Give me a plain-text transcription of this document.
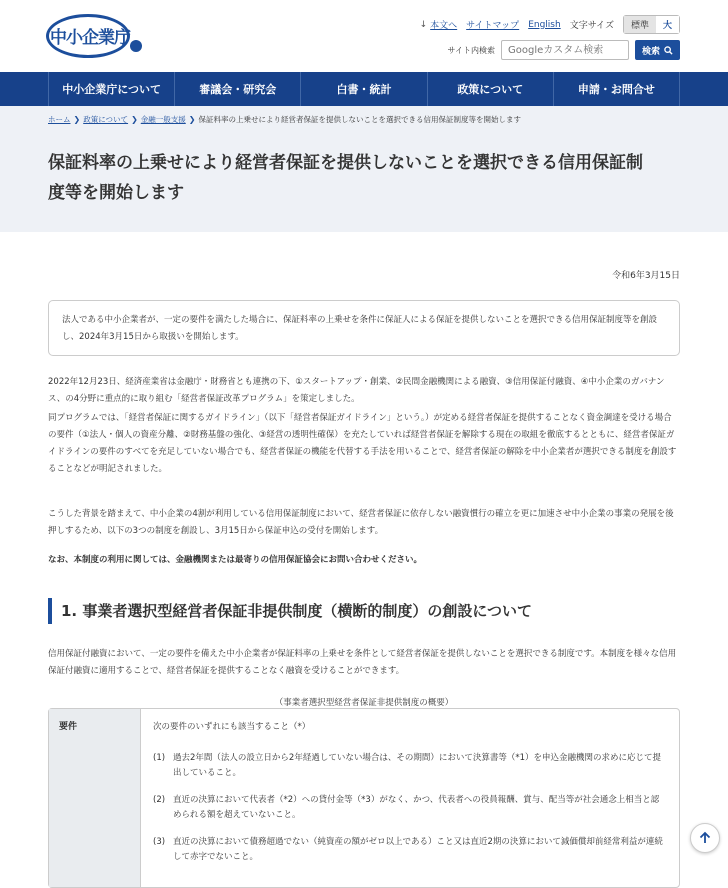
中小企業庁
↓ 本文へ サイトマップ English 文字サイズ	標準	大
サイト内検索
Googleカスタム検索	検索
中小企業庁について	審議会・研究会	白書・統計	政策について	申請・お問合せ
ホーム ❯ 政策について ❯ 金融一般支援 ❯ 保証料率の上乗せにより経営者保証を提供しないことを選択できる信用保証制度等を開始します
保証料率の上乗せにより経営者保証を提供しないことを選択できる信用保証制
度等を開始します
令和6年3月15日
法人である中小企業者が、一定の要件を満たした場合に、保証料率の上乗せを条件に保証人による保証を提供しないことを選択できる信用保証制度等を創設し、2024年3月15日から取扱いを開始します。

2022年12月23日、経済産業省は金融庁・財務省とも連携の下、①スタートアップ・創業、②民間金融機関による融資、③信用保証付融資、④中小企業のガバナンス、の4分野に重点的に取り組む「経営者保証改革プログラム」を策定しました。

同プログラムでは、「経営者保証に関するガイドライン」（以下「経営者保証ガイドライン」という。）が定める経営者保証を提供することなく資金調達を受ける場合の要件（①法人・個人の資産分離、②財務基盤の強化、③経営の透明性確保）を充たしていれば経営者保証を解除する現在の取組を徹底するとともに、経営者保証ガイドラインの要件のすべてを充足していない場合でも、経営者保証の機能を代替する手法を用いることで、経営者保証の解除を中小企業者が選択できる制度を創設することなどが明記されました。

こうした背景を踏まえて、中小企業の4割が利用している信用保証制度において、経営者保証に依存しない融資慣行の確立を更に加速させ中小企業の事業の発展を後押しするため、以下の3つの制度を創設し、3月15日から保証申込の受付を開始します。

なお、本制度の利用に関しては、金融機関または最寄りの信用保証協会にお問い合わせください。

1. 事業者選択型経営者保証非提供制度（横断的制度）の創設について

信用保証付融資において、一定の要件を備えた中小企業者が保証料率の上乗せを条件として経営者保証を提供しないことを選択できる制度です。本制度を様々な信用保証付融資に適用することで、経営者保証を提供することなく融資を受けることができます。

（事業者選択型経営者保証非提供制度の概要）
要件	次の要件のいずれにも該当すること（*）
(1) 過去2年間（法人の設立日から2年経過していない場合は、その期間）において決算書等（*1）を申込金融機関の求めに応じて提出していること。
(2) 直近の決算において代表者（*2）への貸付金等（*3）がなく、かつ、代表者への役員報酬、賞与、配当等が社会通念上相当と認められる額を超えていないこと。
(3) 直近の決算において債務超過でない（純資産の額がゼロ以上である）こと又は直近2期の決算において減価償却前経常利益が連続して赤字でないこと。
